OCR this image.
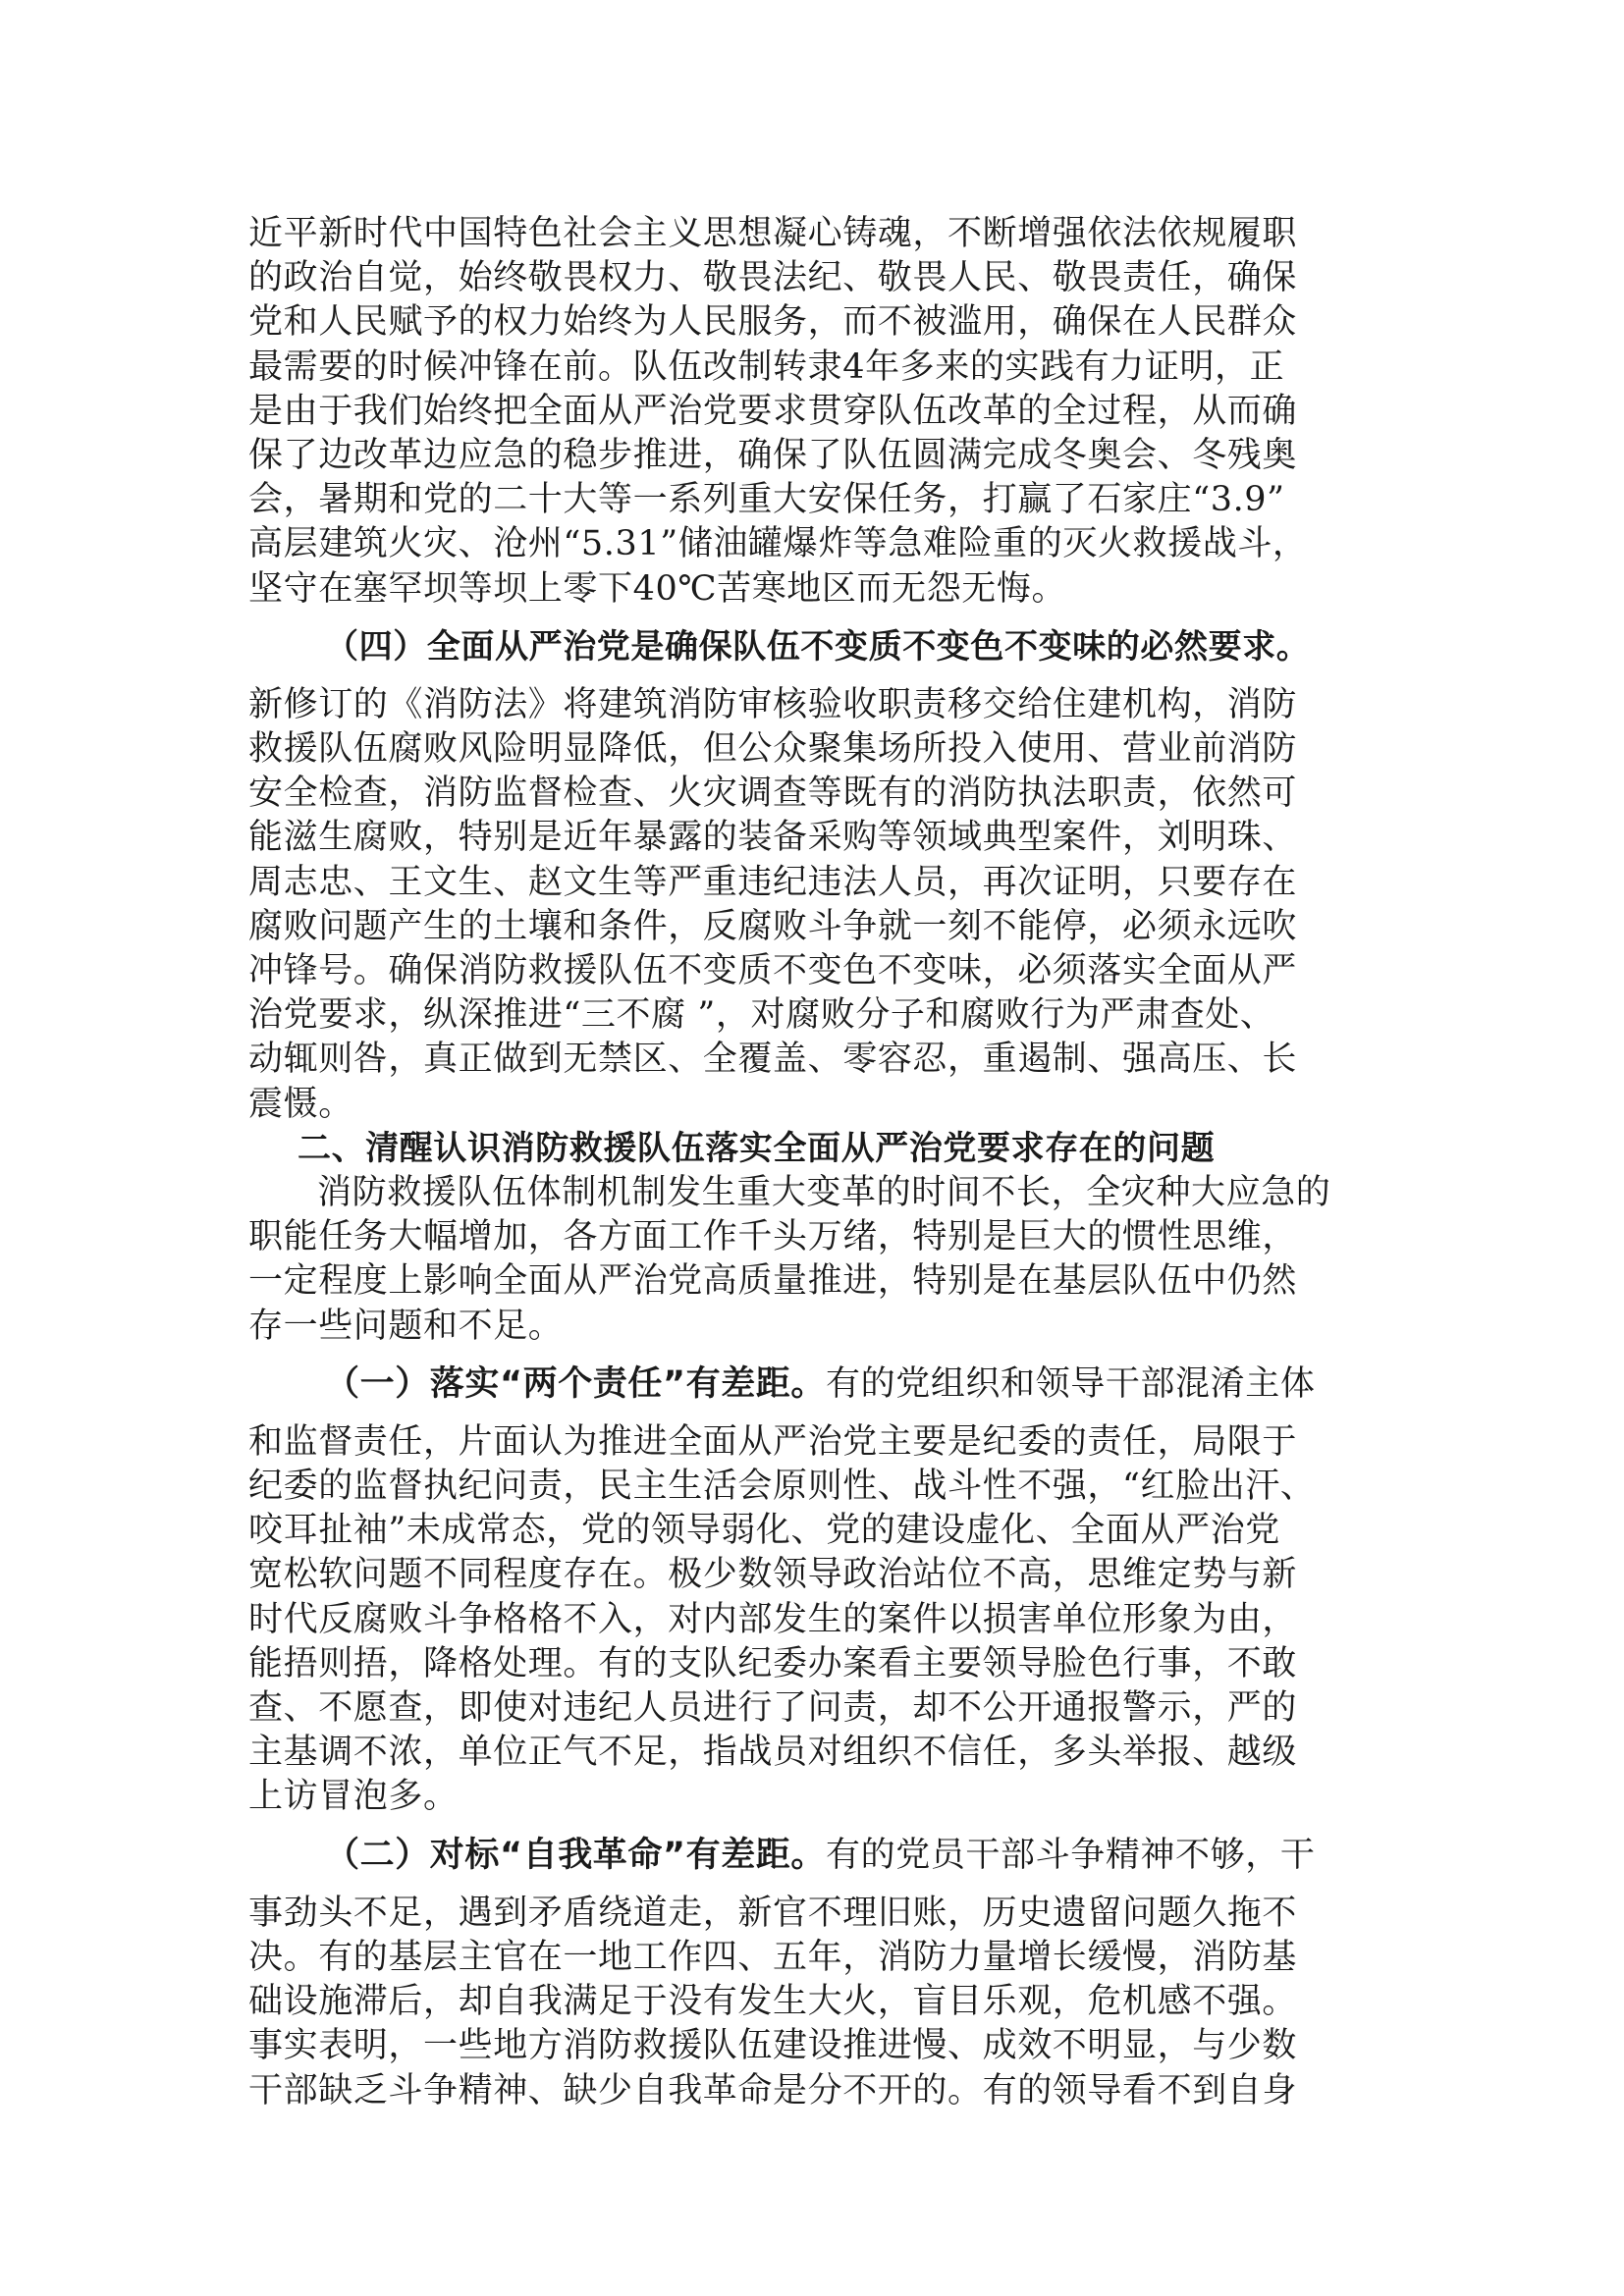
近平新时代中国特色社会主义思想凝心铸魂，不断增强依法依规履职
的政治自觉，始终敬畏权力、敬畏法纪、敬畏人民、敬畏责任，确保
党和人民赋予的权力始终为人民服务，而不被滥用，确保在人民群众
最需要的时候冲锋在前。队伍改制转隶4年多来的实践有力证明，正
是由于我们始终把全面从严治党要求贯穿队伍改革的全过程，从而确
保了边改革边应急的稳步推进，确保了队伍圆满完成冬奥会、冬残奥
会，暑期和党的二十大等一系列重大安保任务，打赢了石家庄“3.9”
高层建筑火灾、沧州“5.31”储油罐爆炸等急难险重的灭火救援战斗，
坚守在塞罕坝等坝上零下40℃苦寒地区而无怨无悔。
（四）全面从严治党是确保队伍不变质不变色不变味的必然要求。
新修订的《消防法》将建筑消防审核验收职责移交给住建机构，消防
救援队伍腐败风险明显降低，但公众聚集场所投入使用、营业前消防
安全检查，消防监督检查、火灾调查等既有的消防执法职责，依然可
能滋生腐败，特别是近年暴露的装备采购等领域典型案件，刘明珠、
周志忠、王文生、赵文生等严重违纪违法人员，再次证明，只要存在
腐败问题产生的土壤和条件，反腐败斗争就一刻不能停，必须永远吹
冲锋号。确保消防救援队伍不变质不变色不变味，必须落实全面从严
治党要求，纵深推进“三不腐 ”，对腐败分子和腐败行为严肃查处、
动辄则咎，真正做到无禁区、全覆盖、零容忍，重遏制、强高压、长
震慑。
二、清醒认识消防救援队伍落实全面从严治党要求存在的问题
消防救援队伍体制机制发生重大变革的时间不长，全灾种大应急的
职能任务大幅增加，各方面工作千头万绪，特别是巨大的惯性思维，
一定程度上影响全面从严治党高质量推进，特别是在基层队伍中仍然
存一些问题和不足。
（一）落实“两个责任”有差距。有的党组织和领导干部混淆主体
和监督责任，片面认为推进全面从严治党主要是纪委的责任，局限于
纪委的监督执纪问责，民主生活会原则性、战斗性不强，“红脸出汗、
咬耳扯袖”未成常态，党的领导弱化、党的建设虚化、全面从严治党
宽松软问题不同程度存在。极少数领导政治站位不高，思维定势与新
时代反腐败斗争格格不入，对内部发生的案件以损害单位形象为由，
能捂则捂，降格处理。有的支队纪委办案看主要领导脸色行事，不敢
查、不愿查，即使对违纪人员进行了问责，却不公开通报警示，严的
主基调不浓，单位正气不足，指战员对组织不信任，多头举报、越级
上访冒泡多。
（二）对标“自我革命”有差距。有的党员干部斗争精神不够，干
事劲头不足，遇到矛盾绕道走，新官不理旧账，历史遗留问题久拖不
决。有的基层主官在一地工作四、五年，消防力量增长缓慢，消防基
础设施滞后，却自我满足于没有发生大火，盲目乐观，危机感不强。
事实表明，一些地方消防救援队伍建设推进慢、成效不明显，与少数
干部缺乏斗争精神、缺少自我革命是分不开的。有的领导看不到自身
